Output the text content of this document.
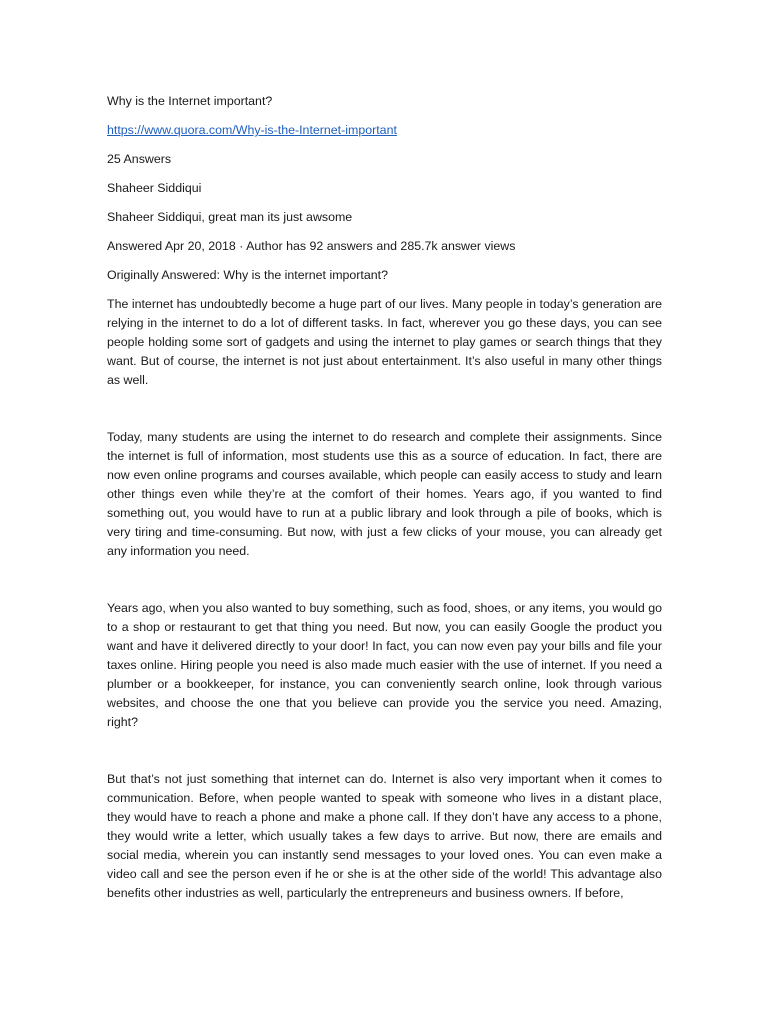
Why is the Internet important?
https://www.quora.com/Why-is-the-Internet-important
25 Answers
Shaheer Siddiqui
Shaheer Siddiqui, great man its just awsome
Answered Apr 20, 2018 · Author has 92 answers and 285.7k answer views
Originally Answered: Why is the internet important?

The internet has undoubtedly become a huge part of our lives. Many people in today’s generation are relying in the internet to do a lot of different tasks. In fact, wherever you go these days, you can see people holding some sort of gadgets and using the internet to play games or search things that they want. But of course, the internet is not just about entertainment. It’s also useful in many other things as well.

Today, many students are using the internet to do research and complete their assignments. Since the internet is full of information, most students use this as a source of education. In fact, there are now even online programs and courses available, which people can easily access to study and learn other things even while they’re at the comfort of their homes. Years ago, if you wanted to find something out, you would have to run at a public library and look through a pile of books, which is very tiring and time-consuming. But now, with just a few clicks of your mouse, you can already get any information you need.

Years ago, when you also wanted to buy something, such as food, shoes, or any items, you would go to a shop or restaurant to get that thing you need. But now, you can easily Google the product you want and have it delivered directly to your door! In fact, you can now even pay your bills and file your taxes online. Hiring people you need is also made much easier with the use of internet. If you need a plumber or a bookkeeper, for instance, you can conveniently search online, look through various websites, and choose the one that you believe can provide you the service you need. Amazing, right?

But that’s not just something that internet can do. Internet is also very important when it comes to communication. Before, when people wanted to speak with someone who lives in a distant place, they would have to reach a phone and make a phone call. If they don’t have any access to a phone, they would write a letter, which usually takes a few days to arrive. But now, there are emails and social media, wherein you can instantly send messages to your loved ones. You can even make a video call and see the person even if he or she is at the other side of the world! This advantage also benefits other industries as well, particularly the entrepreneurs and business owners. If before,
